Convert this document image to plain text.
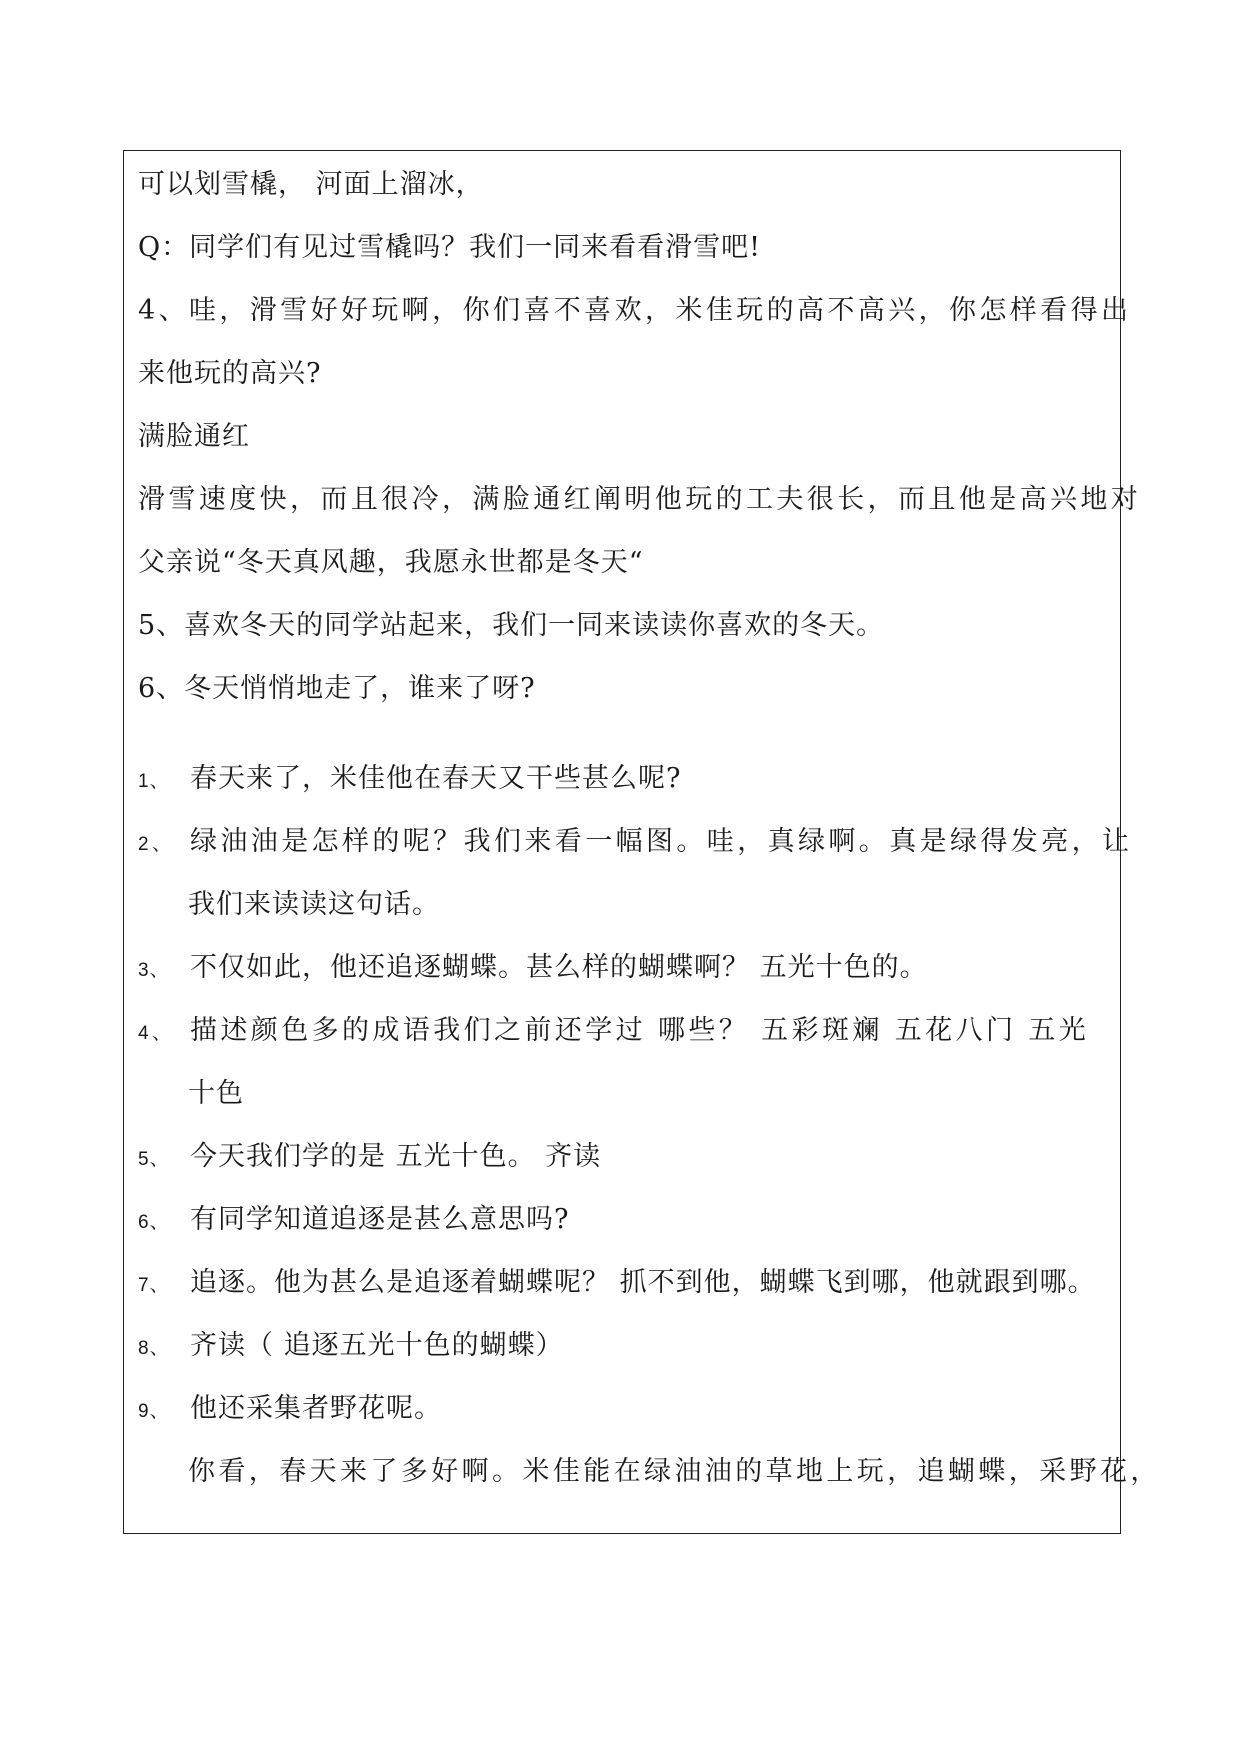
可以划雪橇， 河面上溜冰，
Q：同学们有见过雪橇吗？我们一同来看看滑雪吧!
4、哇，滑雪好好玩啊，你们喜不喜欢，米佳玩的高不高兴，你怎样看得出
来他玩的高兴?
满脸通红
滑雪速度快，而且很冷，满脸通红阐明他玩的工夫很长，而且他是高兴地对
父亲说“冬天真风趣，我愿永世都是冬天“
5、喜欢冬天的同学站起来，我们一同来读读你喜欢的冬天。
6、冬天悄悄地走了，谁来了呀?
1、 春天来了，米佳他在春天又干些甚么呢?
2、 绿油油是怎样的呢？我们来看一幅图。哇，真绿啊。真是绿得发亮，让
我们来读读这句话。
3、 不仅如此，他还追逐蝴蝶。甚么样的蝴蝶啊？ 五光十色的。
4、 描述颜色多的成语我们之前还学过 哪些？ 五彩斑斓 五花八门 五光
十色
5、 今天我们学的是 五光十色。 齐读
6、 有同学知道追逐是甚么意思吗?
7、 追逐。他为甚么是追逐着蝴蝶呢？ 抓不到他，蝴蝶飞到哪，他就跟到哪。
8、 齐读（ 追逐五光十色的蝴蝶）
9、 他还采集者野花呢。
你看，春天来了多好啊。米佳能在绿油油的草地上玩，追蝴蝶，采野花，
